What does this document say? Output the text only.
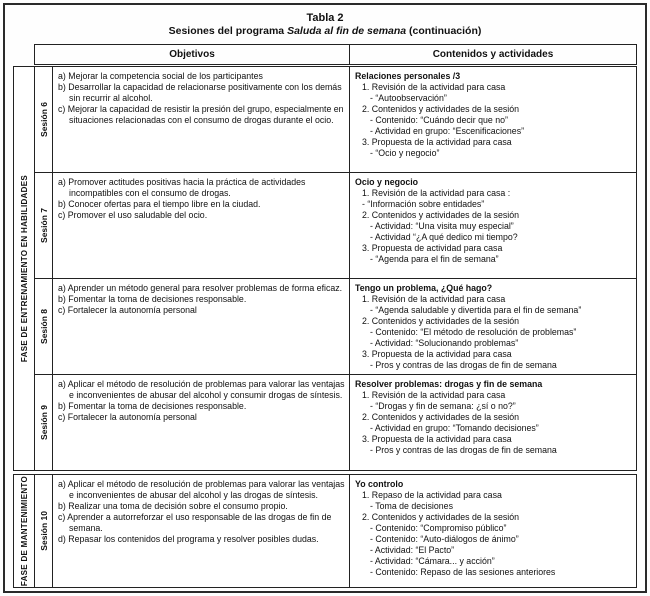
Tabla 2
Sesiones del programa Saluda al fin de semana (continuación)
Objetivos	Contenidos y actividades
FASE DE ENTRENAMIENTO EN HABILIDADES
Sesión 6
a) Mejorar la competencia social de los participantes
b) Desarrollar la capacidad de relacionarse positivamente con los demás sin recurrir al alcohol.
c) Mejorar la capacidad de resistir la presión del grupo, especialmente en situaciones relacionadas con el consumo de drogas durante el ocio.
Relaciones personales /3
1. Revisión de la actividad para casa
- “Autoobservación”
2. Contenidos y actividades de la sesión
- Contenido: “Cuándo decir que no”
- Actividad en grupo: “Escenificaciones”
3. Propuesta de la actividad para casa
- “Ocio y negocio”
Sesión 7
a) Promover actitudes positivas hacia la práctica de actividades incompatibles con el consumo de drogas.
b) Conocer ofertas para el tiempo libre en la ciudad.
c) Promover el uso saludable del ocio.
Ocio y negocio
1. Revisión de la actividad para casa :
- “Información sobre entidades”
2. Contenidos y actividades de la sesión
- Actividad: “Una visita muy especial”
- Actividad “¿A qué dedico mi tiempo?
3. Propuesta de actividad para casa
- “Agenda para el fin de semana”
Sesión 8
a) Aprender un método general para resolver problemas de forma eficaz.
b) Fomentar la toma de decisiones responsable.
c) Fortalecer la autonomía personal
Tengo un problema, ¿Qué hago?
1. Revisión de la actividad para casa
- “Agenda saludable y divertida para el fin de semana”
2. Contenidos y actividades de la sesión
- Contenido: “El método de resolución de problemas”
- Actividad: “Solucionando problemas”
3. Propuesta de la actividad para casa
- Pros y contras de las drogas de fin de semana
Sesión 9
a) Aplicar el método de resolución de problemas para valorar las ventajas e inconvenientes de abusar del alcohol y consumir drogas de síntesis.
b) Fomentar la toma de decisiones responsable.
c) Fortalecer la autonomía personal
Resolver problemas: drogas y fin de semana
1. Revisión de la actividad para casa
- “Drogas y fin de semana: ¿sí o no?”
2. Contenidos y actividades de la sesión
- Actividad en grupo: “Tomando decisiones”
3. Propuesta de la actividad para casa
- Pros y contras de las drogas de fin de semana
FASE DE MANTENIMIENTO Sesión 10
a) Aplicar el método de resolución de problemas para valorar las ventajas e inconvenientes de abusar del alcohol y las drogas de síntesis.
b) Realizar una toma de decisión sobre el consumo propio.
c) Aprender a autorreforzar el uso responsable de las drogas de fin de semana.
d) Repasar los contenidos del programa y resolver posibles dudas.
Yo controlo
1. Repaso de la actividad para casa
- Toma de decisiones
2. Contenidos y actividades de la sesión
- Contenido: “Compromiso público”
- Contenido: “Auto-diálogos de ánimo”
- Actividad: “El Pacto”
- Actividad: “Cámara... y acción”
- Contenido: Repaso de las sesiones anteriores
